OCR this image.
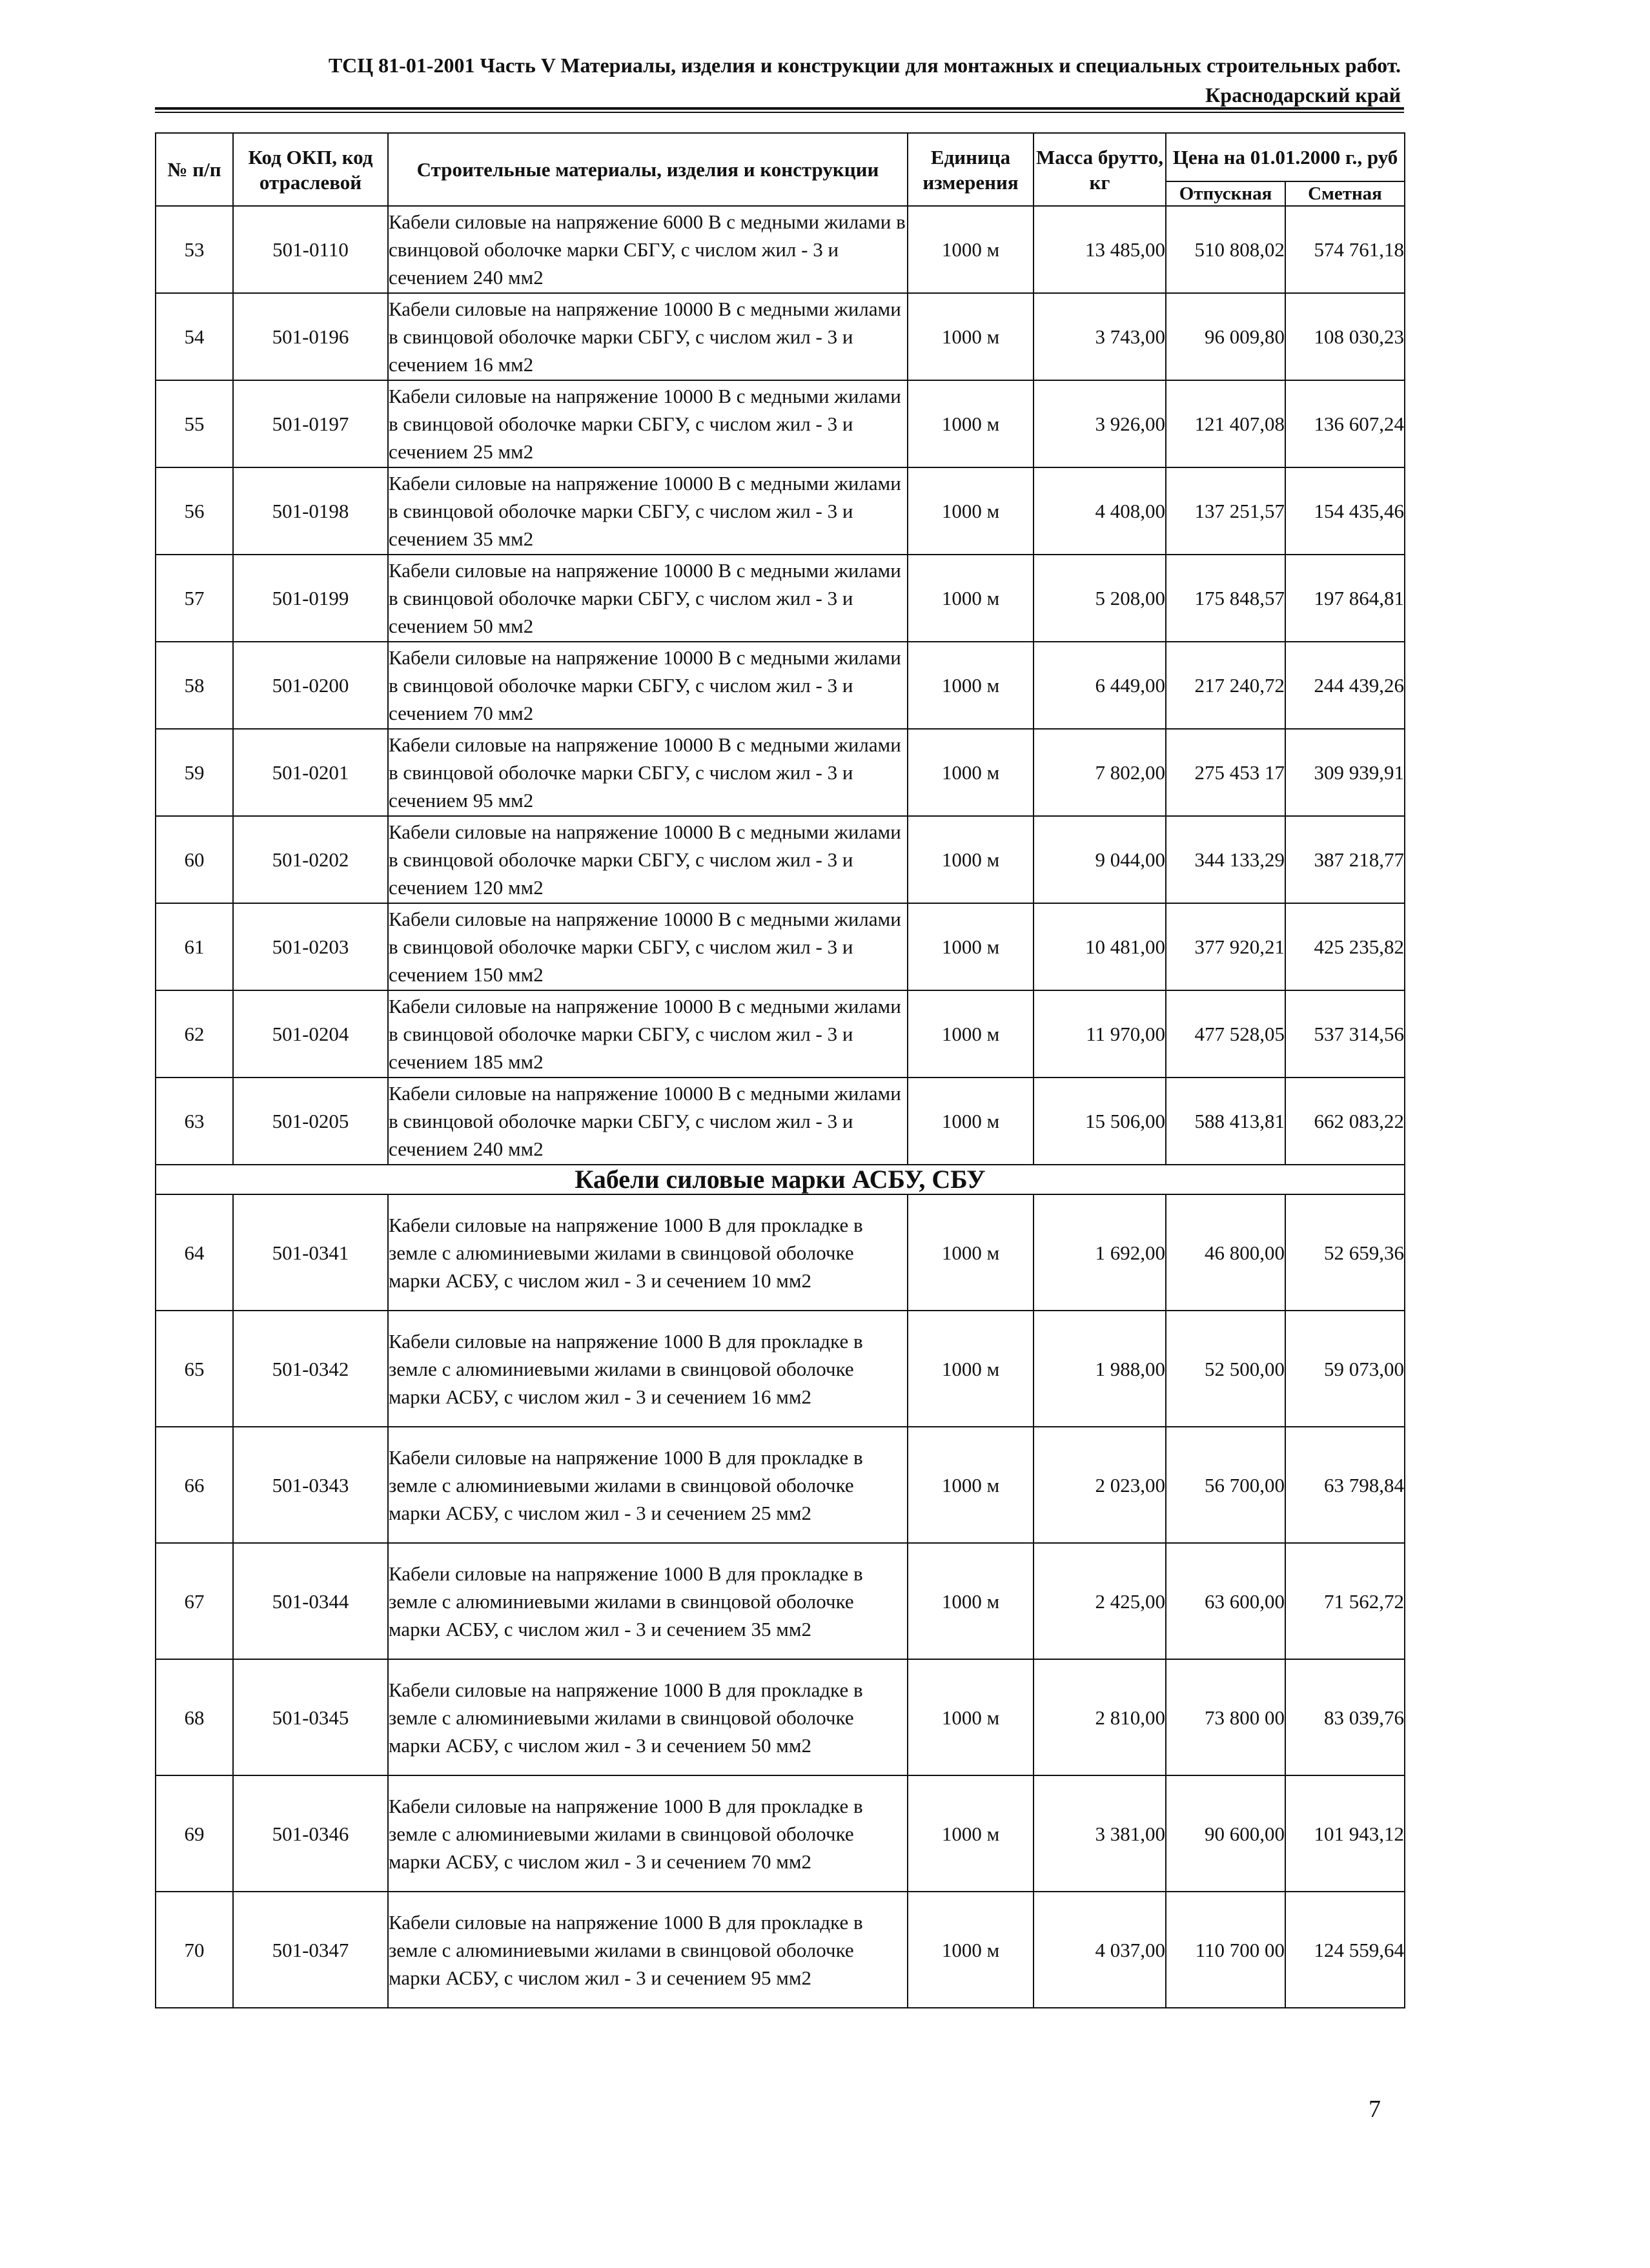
ТСЦ 81-01-2001 Часть V Материалы, изделия и конструкции для монтажных и специальных строительных работ.
Краснодарский край
№ п/п	Код ОКП, код отраслевой	Строительные материалы, изделия и конструкции	Единица измерения	Масса брутто, кг	Цена на 01.01.2000 г., руб	
					Отпускная	Сметная
53	501-0110	Кабели силовые на напряжение 6000 В с медными жилами в свинцовой оболочке марки СБГУ, с числом жил - 3 и сечением 240 мм2	1000 м	13 485,00	510 808,02	574 761,18
54	501-0196	Кабели силовые на напряжение 10000 В с медными жилами в свинцовой оболочке марки СБГУ, с числом жил - 3 и сечением 16 мм2	1000 м	3 743,00	96 009,80	108 030,23
55	501-0197	Кабели силовые на напряжение 10000 В с медными жилами в свинцовой оболочке марки СБГУ, с числом жил - 3 и сечением 25 мм2	1000 м	3 926,00	121 407,08	136 607,24
56	501-0198	Кабели силовые на напряжение 10000 В с медными жилами в свинцовой оболочке марки СБГУ, с числом жил - 3 и сечением 35 мм2	1000 м	4 408,00	137 251,57	154 435,46
57	501-0199	Кабели силовые на напряжение 10000 В с медными жилами в свинцовой оболочке марки СБГУ, с числом жил - 3 и сечением 50 мм2	1000 м	5 208,00	175 848,57	197 864,81
58	501-0200	Кабели силовые на напряжение 10000 В с медными жилами в свинцовой оболочке марки СБГУ, с числом жил - 3 и сечением 70 мм2	1000 м	6 449,00	217 240,72	244 439,26
59	501-0201	Кабели силовые на напряжение 10000 В с медными жилами в свинцовой оболочке марки СБГУ, с числом жил - 3 и сечением 95 мм2	1000 м	7 802,00	275 453 17	309 939,91
60	501-0202	Кабели силовые на напряжение 10000 В с медными жилами в свинцовой оболочке марки СБГУ, с числом жил - 3 и сечением 120 мм2	1000 м	9 044,00	344 133,29	387 218,77
61	501-0203	Кабели силовые на напряжение 10000 В с медными жилами в свинцовой оболочке марки СБГУ, с числом жил - 3 и сечением 150 мм2	1000 м	10 481,00	377 920,21	425 235,82
62	501-0204	Кабели силовые на напряжение 10000 В с медными жилами в свинцовой оболочке марки СБГУ, с числом жил - 3 и сечением 185 мм2	1000 м	11 970,00	477 528,05	537 314,56
63	501-0205	Кабели силовые на напряжение 10000 В с медными жилами в свинцовой оболочке марки СБГУ, с числом жил - 3 и сечением 240 мм2	1000 м	15 506,00	588 413,81	662 083,22
Кабели силовые марки АСБУ, СБУ						
64	501-0341	Кабели силовые на напряжение 1000 В для прокладке в земле с алюминиевыми жилами в свинцовой оболочке марки АСБУ, с числом жил - 3 и сечением 10 мм2	1000 м	1 692,00	46 800,00	52 659,36
65	501-0342	Кабели силовые на напряжение 1000 В для прокладке в земле с алюминиевыми жилами в свинцовой оболочке марки АСБУ, с числом жил - 3 и сечением 16 мм2	1000 м	1 988,00	52 500,00	59 073,00
66	501-0343	Кабели силовые на напряжение 1000 В для прокладке в земле с алюминиевыми жилами в свинцовой оболочке марки АСБУ, с числом жил - 3 и сечением 25 мм2	1000 м	2 023,00	56 700,00	63 798,84
67	501-0344	Кабели силовые на напряжение 1000 В для прокладке в земле с алюминиевыми жилами в свинцовой оболочке марки АСБУ, с числом жил - 3 и сечением 35 мм2	1000 м	2 425,00	63 600,00	71 562,72
68	501-0345	Кабели силовые на напряжение 1000 В для прокладке в земле с алюминиевыми жилами в свинцовой оболочке марки АСБУ, с числом жил - 3 и сечением 50 мм2	1000 м	2 810,00	73 800 00	83 039,76
69	501-0346	Кабели силовые на напряжение 1000 В для прокладке в земле с алюминиевыми жилами в свинцовой оболочке марки АСБУ, с числом жил - 3 и сечением 70 мм2	1000 м	3 381,00	90 600,00	101 943,12
70	501-0347	Кабели силовые на напряжение 1000 В для прокладке в земле с алюминиевыми жилами в свинцовой оболочке марки АСБУ, с числом жил - 3 и сечением 95 мм2	1000 м	4 037,00	110 700 00	124 559,64
7
